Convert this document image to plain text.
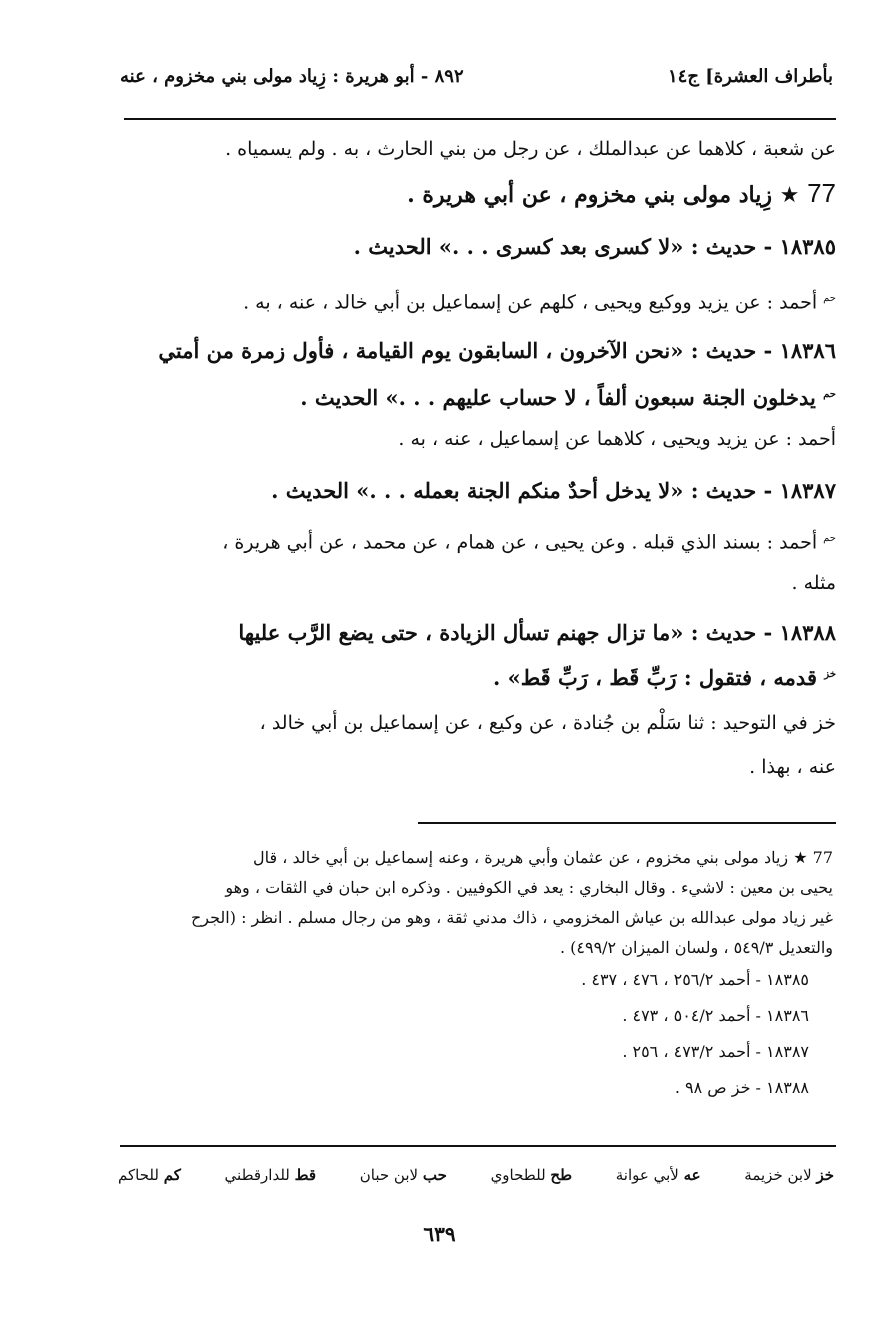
بأطراف العشرة] ج١٤
٨٩٢ - أبو هريرة : زِياد مولى بني مخزوم ، عنه
عن شعبة ، كلاهما عن عبدالملك ، عن رجل من بني الحارث ، به . ولم يسمياه .
77 ★ زِياد مولى بني مخزوم ، عن أبي هريرة .
١٨٣٨٥ - حديث : «لا كسرى بعد كسرى . . .» الحديث .
$^{حم}$ أحمد : عن يزيد ووكيع ويحيى ، كلهم عن إسماعيل بن أبي خالد ، عنه ، به .
١٨٣٨٦ - حديث : «نحن الآخرون ، السابقون يوم القيامة ، فأول زمرة من أمتي
$^{حم}$ يدخلون الجنة سبعون ألفاً ، لا حساب عليهم . . .» الحديث .
أحمد : عن يزيد ويحيى ، كلاهما عن إسماعيل ، عنه ، به .
١٨٣٨٧ - حديث : «لا يدخل أحدٌ منكم الجنة بعمله . . .» الحديث .
$^{حم}$ أحمد : بسند الذي قبله . وعن يحيى ، عن همام ، عن محمد ، عن أبي هريرة ،
مثله .
١٨٣٨٨ - حديث : «ما تزال جهنم تسأل الزيادة ، حتى يضع الرَّب عليها
$^{خز}$ قدمه ، فتقول : رَبِّ قَط ، رَبِّ قَط» .
خز في التوحيد : ثنا سَلْم بن جُنادة ، عن وكيع ، عن إسماعيل بن أبي خالد ،
عنه ، بهذا .
77 ★ زياد مولى بني مخزوم ، عن عثمان وأبي هريرة ، وعنه إسماعيل بن أبي خالد ، قال
يحيى بن معين : لاشيء . وقال البخاري : يعد في الكوفيين . وذكره ابن حبان في الثقات ، وهو
غير زياد مولى عبدالله بن عياش المخزومي ، ذاك مدني ثقة ، وهو من رجال مسلم . انظر : (الجرح
والتعديل ٥٤٩/٣ ، ولسان الميزان ٤٩٩/٢) .
١٨٣٨٥ - أحمد ٢٥٦/٢ ، ٤٧٦ ، ٤٣٧ .
١٨٣٨٦ - أحمد ٥٠٤/٢ ، ٤٧٣ .
١٨٣٨٧ - أحمد ٤٧٣/٢ ، ٢٥٦ .
١٨٣٨٨ - خز ص ٩٨ .
خز لابن خزيمة
عه لأبي عوانة
طح للطحاوي
حب لابن حبان
قط للدارقطني
كم للحاكم
٦٣٩
